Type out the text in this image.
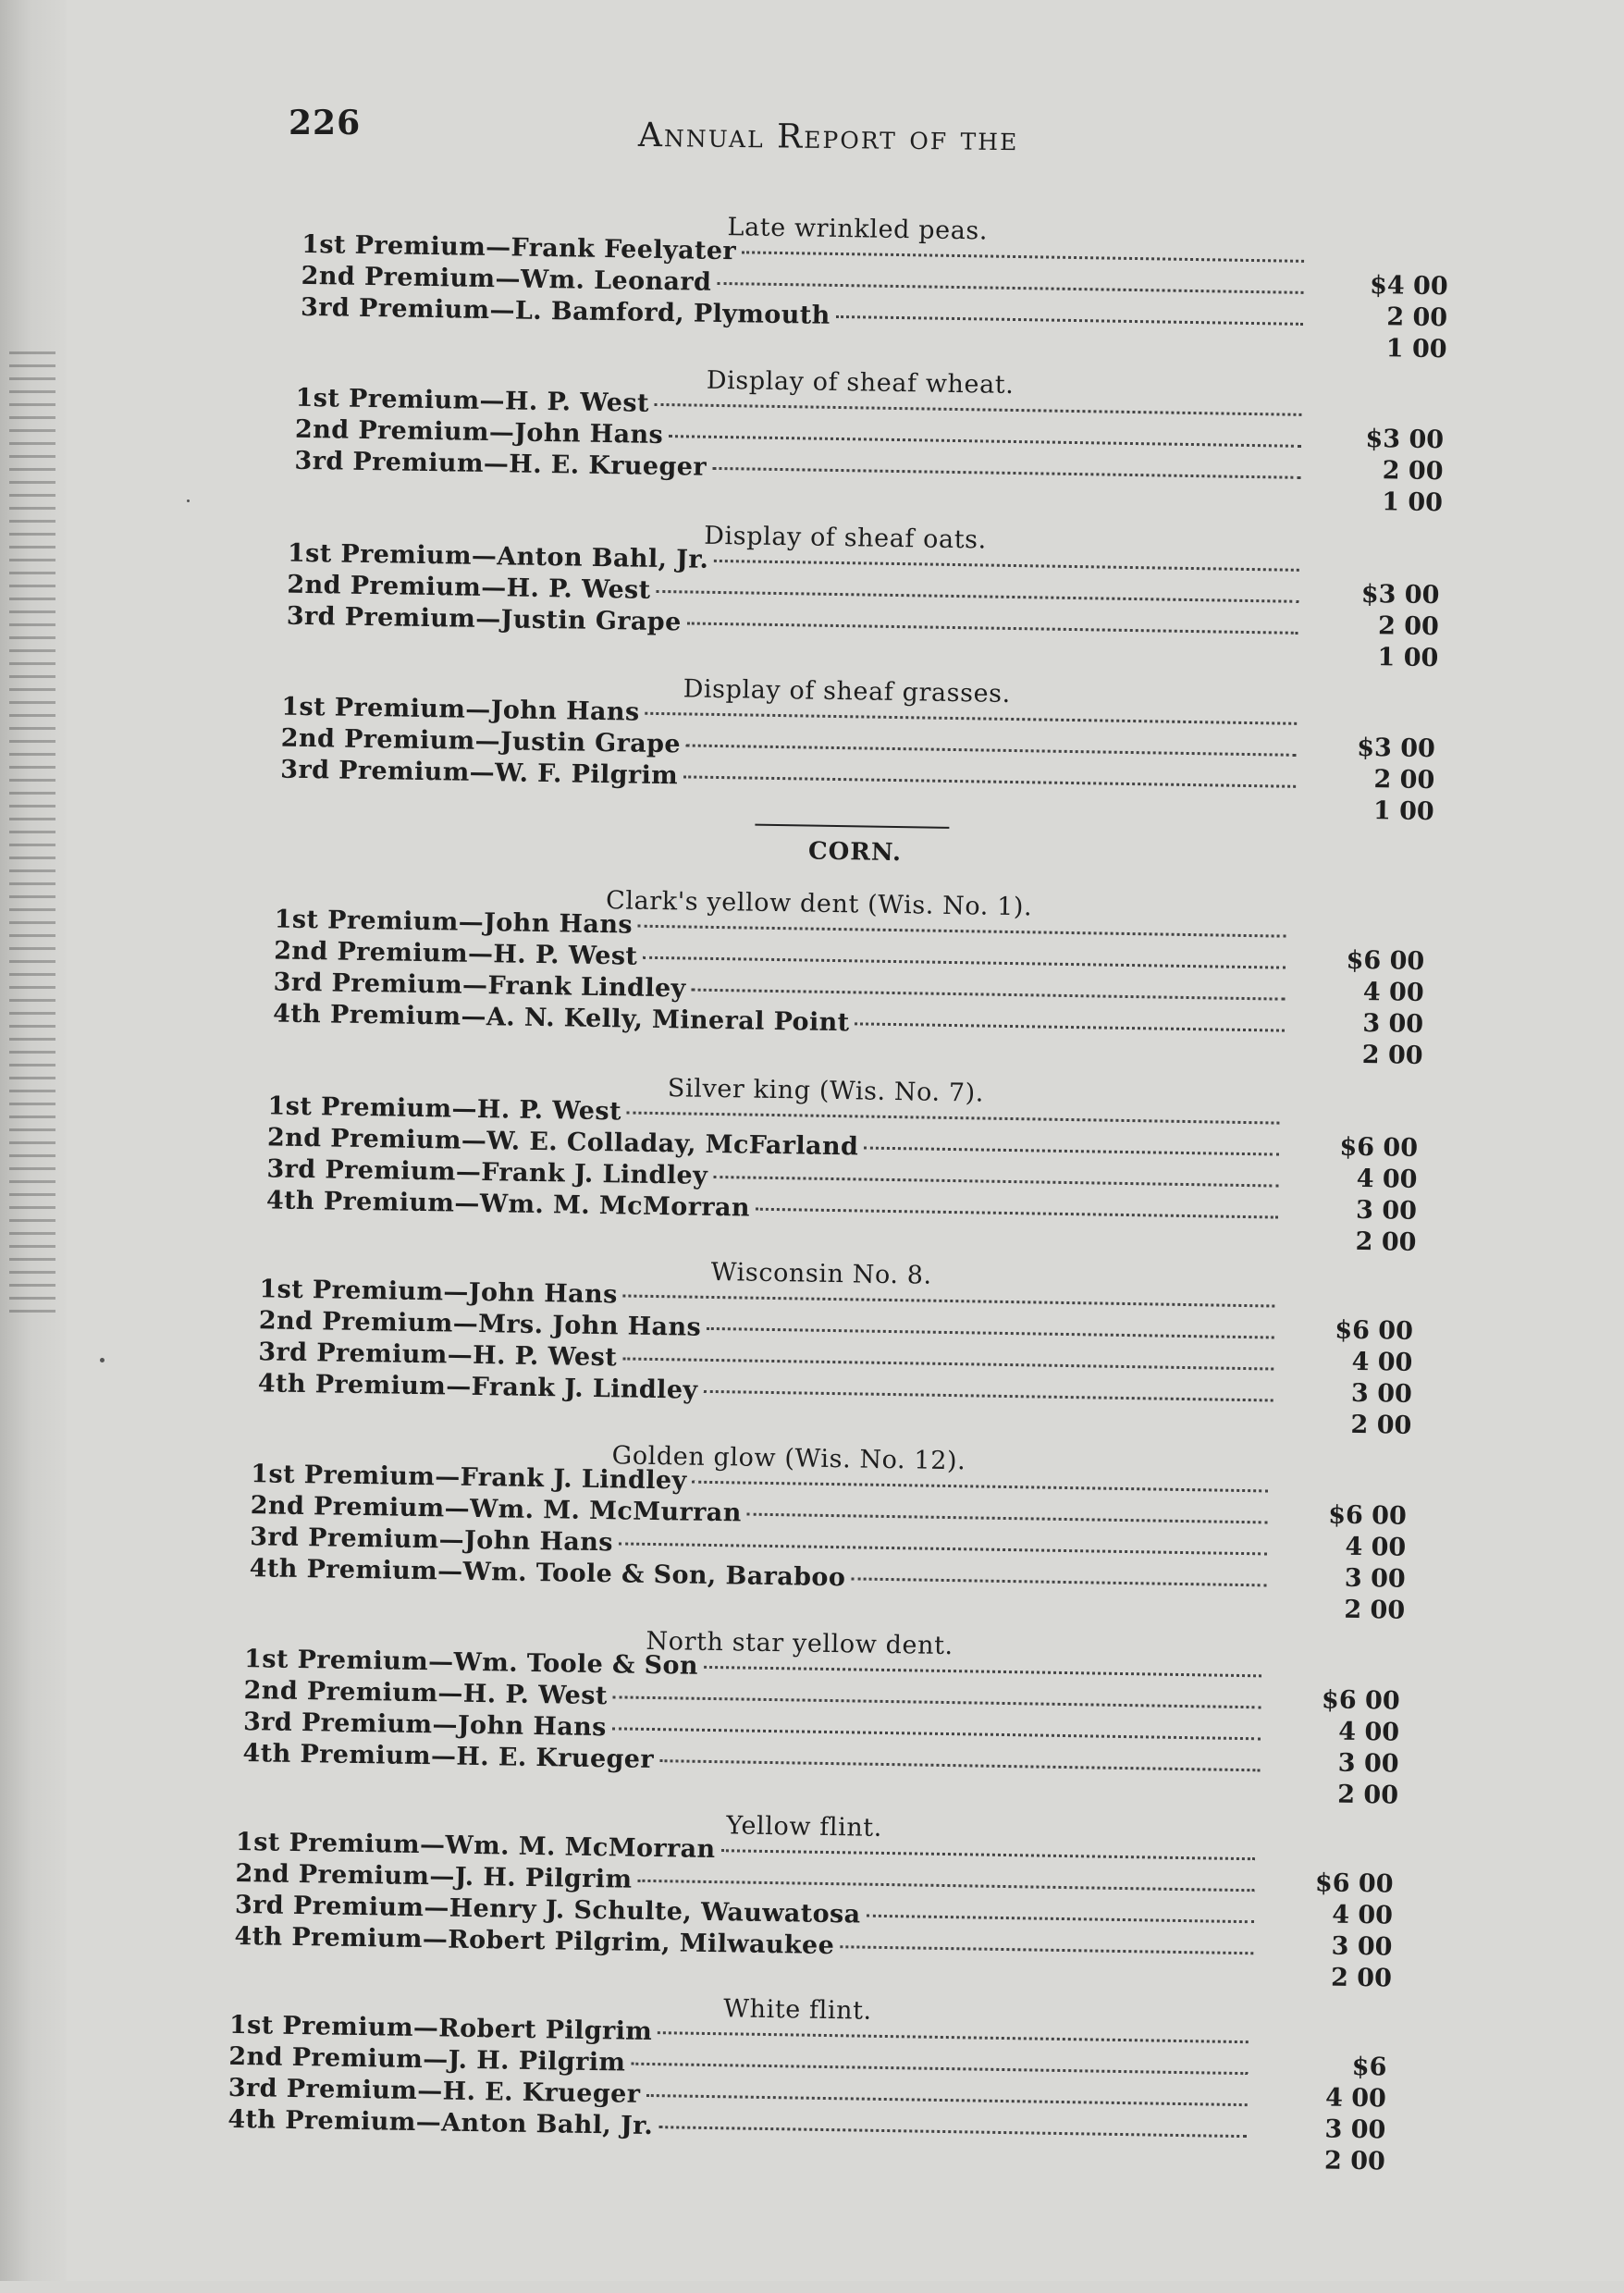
226	Annual Report of the
Late wrinkled peas.
1st Premium—Frank Feelyater
$4 00
2nd Premium—Wm. Leonard
2 00
3rd Premium—L. Bamford, Plymouth
1 00
Display of sheaf wheat.
1st Premium—H. P. West
$3 00
2nd Premium—John Hans
2 00
3rd Premium—H. E. Krueger
1 00
Display of sheaf oats.
1st Premium—Anton Bahl, Jr.
$3 00
2nd Premium—H. P. West
2 00
3rd Premium—Justin Grape
1 00
Display of sheaf grasses.
1st Premium—John Hans
$3 00
2nd Premium—Justin Grape
2 00
3rd Premium—W. F. Pilgrim
1 00
CORN.
Clark's yellow dent (Wis. No. 1).
1st Premium—John Hans
$6 00
2nd Premium—H. P. West
4 00
3rd Premium—Frank Lindley
3 00
4th Premium—A. N. Kelly, Mineral Point
2 00
Silver king (Wis. No. 7).
1st Premium—H. P. West
$6 00
2nd Premium—W. E. Colladay, McFarland
4 00
3rd Premium—Frank J. Lindley
3 00
4th Premium—Wm. M. McMorran
2 00
Wisconsin No. 8.
1st Premium—John Hans
$6 00
2nd Premium—Mrs. John Hans
4 00
3rd Premium—H. P. West
3 00
4th Premium—Frank J. Lindley
2 00
Golden glow (Wis. No. 12).
1st Premium—Frank J. Lindley
$6 00
2nd Premium—Wm. M. McMurran
4 00
3rd Premium—John Hans
3 00
4th Premium—Wm. Toole & Son, Baraboo
2 00
North star yellow dent.
1st Premium—Wm. Toole & Son
$6 00
2nd Premium—H. P. West
4 00
3rd Premium—John Hans
3 00
4th Premium—H. E. Krueger
2 00
Yellow flint.
1st Premium—Wm. M. McMorran
$6 00
2nd Premium—J. H. Pilgrim
4 00
3rd Premium—Henry J. Schulte, Wauwatosa
3 00
4th Premium—Robert Pilgrim, Milwaukee
2 00
White flint.
1st Premium—Robert Pilgrim
$6
2nd Premium—J. H. Pilgrim
4 00
3rd Premium—H. E. Krueger
3 00
4th Premium—Anton Bahl, Jr.
2 00
